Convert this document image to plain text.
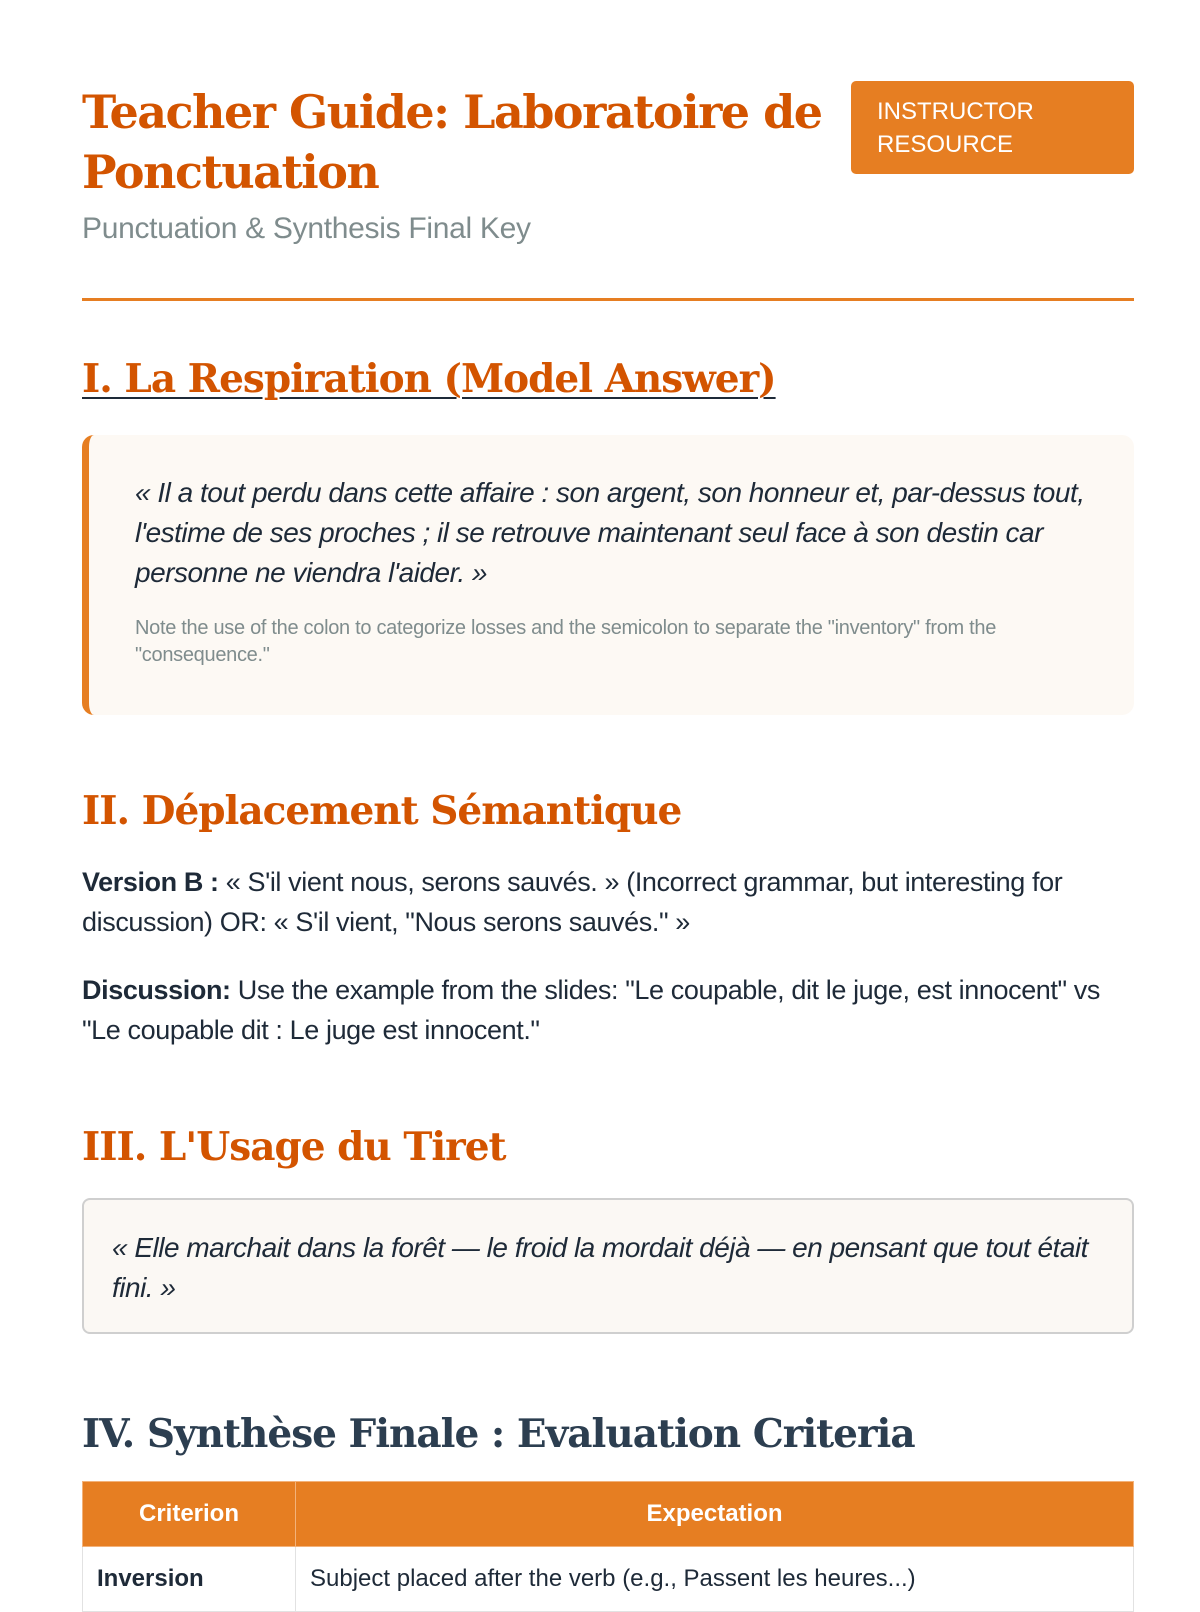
Teacher Guide: Laboratoire de Ponctuation

Punctuation & Synthesis Final Key

INSTRUCTOR RESOURCE
I. La Respiration (Model Answer)

« Il a tout perdu dans cette affaire : son argent, son honneur et, par-dessus tout, l'estime de ses proches ; il se retrouve maintenant seul face à son destin car personne ne viendra l'aider. »

Note the use of the colon to categorize losses and the semicolon to separate the "inventory" from the "consequence."

II. Déplacement Sémantique

Version B : « S'il vient nous, serons sauvés. » (Incorrect grammar, but interesting for discussion) OR: « S'il vient, "Nous serons sauvés." »

Discussion: Use the example from the slides: "Le coupable, dit le juge, est innocent" vs "Le coupable dit : Le juge est innocent."

III. L'Usage du Tiret

« Elle marchait dans la forêt — le froid la mordait déjà — en pensant que tout était fini. »

IV. Synthèse Finale : Evaluation Criteria
Criterion	Expectation
Inversion	Subject placed after the verb (e.g., Passent les heures...)
